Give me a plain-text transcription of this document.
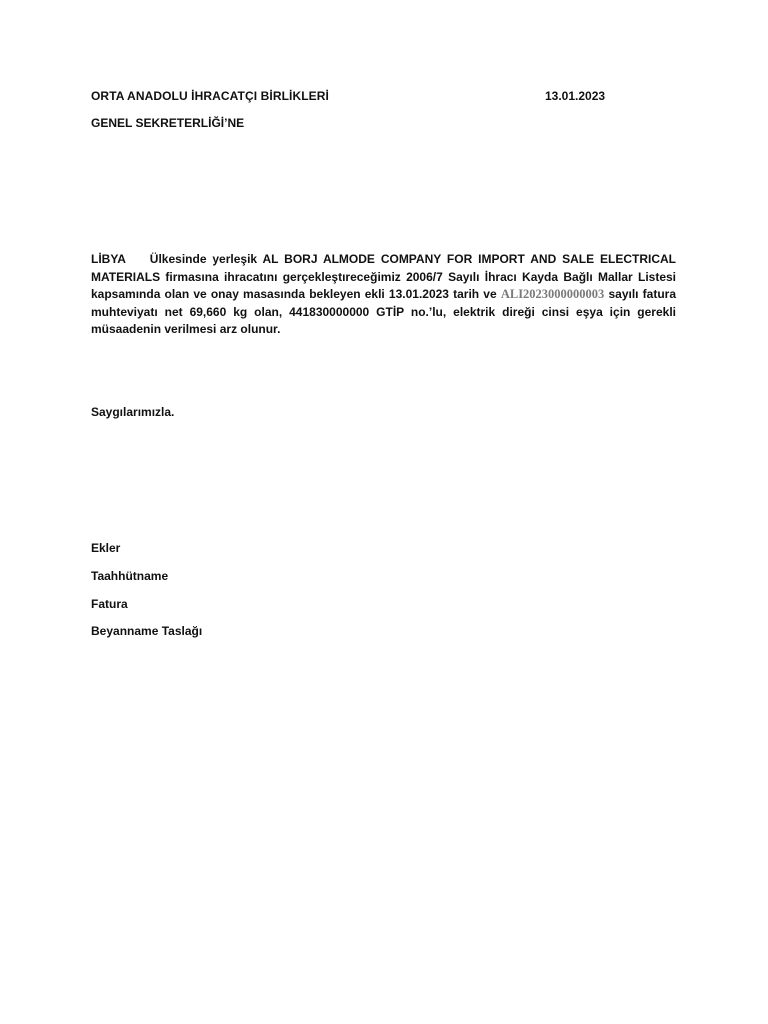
ORTA ANADOLU İHRACATÇI BİRLİKLERİ	13.01.2023
GENEL SEKRETERLİĞİ’NE
LİBYA Ülkesinde yerleşik AL BORJ ALMODE COMPANY FOR IMPORT AND SALE ELECTRICAL MATERIALS firmasına ihracatını gerçekleştıreceğimiz 2006/7 Sayılı İhracı Kayda Bağlı Mallar Listesi kapsamında olan ve onay masasında bekleyen ekli 13.01.2023 tarih ve ALI2023000000003 sayılı fatura muhteviyatı net 69,660 kg olan, 441830000000 GTİP no.’lu, elektrik direği cinsi eşya için gerekli müsaadenin verilmesi arz olunur.
Saygılarımızla.
Ekler
Taahhütname
Fatura
Beyanname Taslağı
